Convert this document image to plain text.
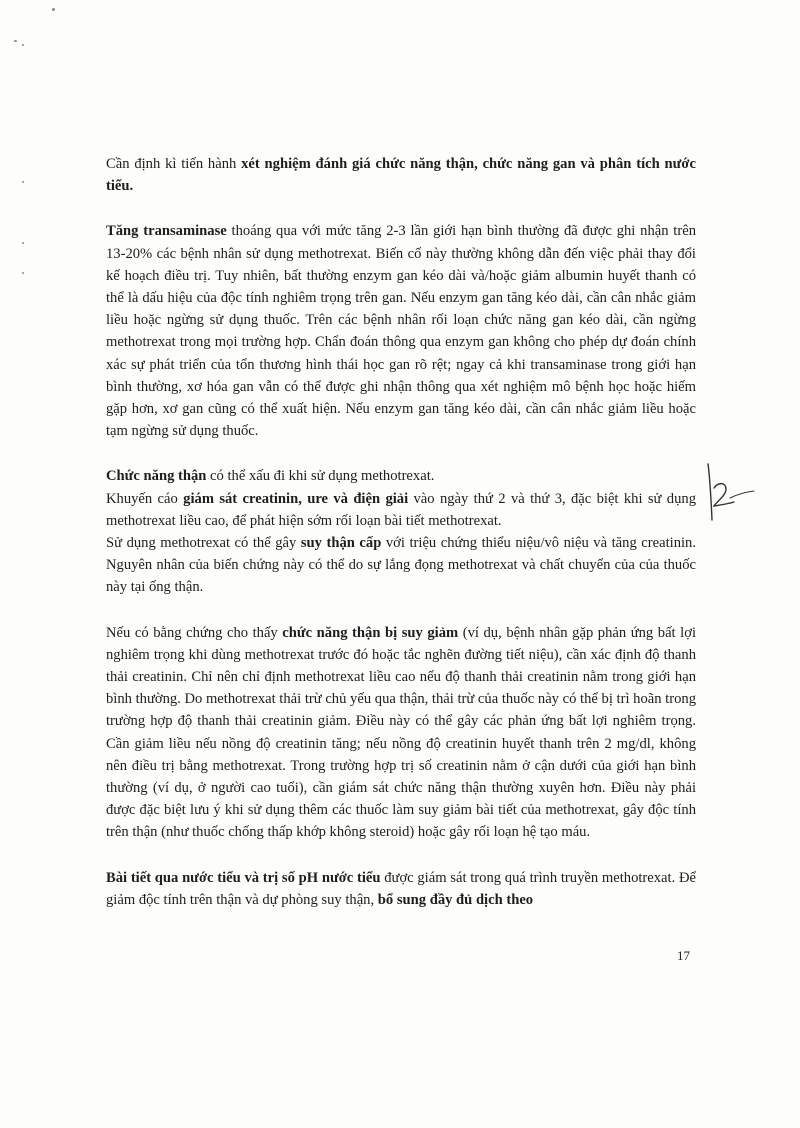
Cần định kì tiến hành xét nghiệm đánh giá chức năng thận, chức năng gan và phân tích nước tiểu.

Tăng transaminase thoáng qua với mức tăng 2-3 lần giới hạn bình thường đã được ghi nhận trên 13-20% các bệnh nhân sử dụng methotrexat. Biến cố này thường không dẫn đến việc phải thay đổi kế hoạch điều trị. Tuy nhiên, bất thường enzym gan kéo dài và/hoặc giảm albumin huyết thanh có thể là dấu hiệu của độc tính nghiêm trọng trên gan. Nếu enzym gan tăng kéo dài, cần cân nhắc giảm liều hoặc ngừng sử dụng thuốc. Trên các bệnh nhân rối loạn chức năng gan kéo dài, cần ngừng methotrexat trong mọi trường hợp. Chẩn đoán thông qua enzym gan không cho phép dự đoán chính xác sự phát triển của tổn thương hình thái học gan rõ rệt; ngay cả khi transaminase trong giới hạn bình thường, xơ hóa gan vẫn có thể được ghi nhận thông qua xét nghiệm mô bệnh học hoặc hiếm gặp hơn, xơ gan cũng có thể xuất hiện. Nếu enzym gan tăng kéo dài, cần cân nhắc giảm liều hoặc tạm ngừng sử dụng thuốc.

Chức năng thận có thể xấu đi khi sử dụng methotrexat.
Khuyến cáo giám sát creatinin, ure và điện giải vào ngày thứ 2 và thứ 3, đặc biệt khi sử dụng methotrexat liều cao, để phát hiện sớm rối loạn bài tiết methotrexat.
Sử dụng methotrexat có thể gây suy thận cấp với triệu chứng thiểu niệu/vô niệu và tăng creatinin. Nguyên nhân của biến chứng này có thể do sự lắng đọng methotrexat và chất chuyển của của thuốc này tại ống thận.

Nếu có bằng chứng cho thấy chức năng thận bị suy giảm (ví dụ, bệnh nhân gặp phản ứng bất lợi nghiêm trọng khi dùng methotrexat trước đó hoặc tắc nghẽn đường tiết niệu), cần xác định độ thanh thải creatinin. Chỉ nên chỉ định methotrexat liều cao nếu độ thanh thải creatinin nằm trong giới hạn bình thường. Do methotrexat thải trừ chủ yếu qua thận, thải trừ của thuốc này có thể bị trì hoãn trong trường hợp độ thanh thải creatinin giảm. Điều này có thể gây các phản ứng bất lợi nghiêm trọng. Cần giảm liều nếu nồng độ creatinin tăng; nếu nồng độ creatinin huyết thanh trên 2 mg/dl, không nên điều trị bằng methotrexat. Trong trường hợp trị số creatinin nằm ở cận dưới của giới hạn bình thường (ví dụ, ở người cao tuổi), cần giám sát chức năng thận thường xuyên hơn. Điều này phải được đặc biệt lưu ý khi sử dụng thêm các thuốc làm suy giảm bài tiết của methotrexat, gây độc tính trên thận (như thuốc chống thấp khớp không steroid) hoặc gây rối loạn hệ tạo máu.

Bài tiết qua nước tiểu và trị số pH nước tiểu được giám sát trong quá trình truyền methotrexat. Để giảm độc tính trên thận và dự phòng suy thận, bổ sung đầy đủ dịch theo

17
